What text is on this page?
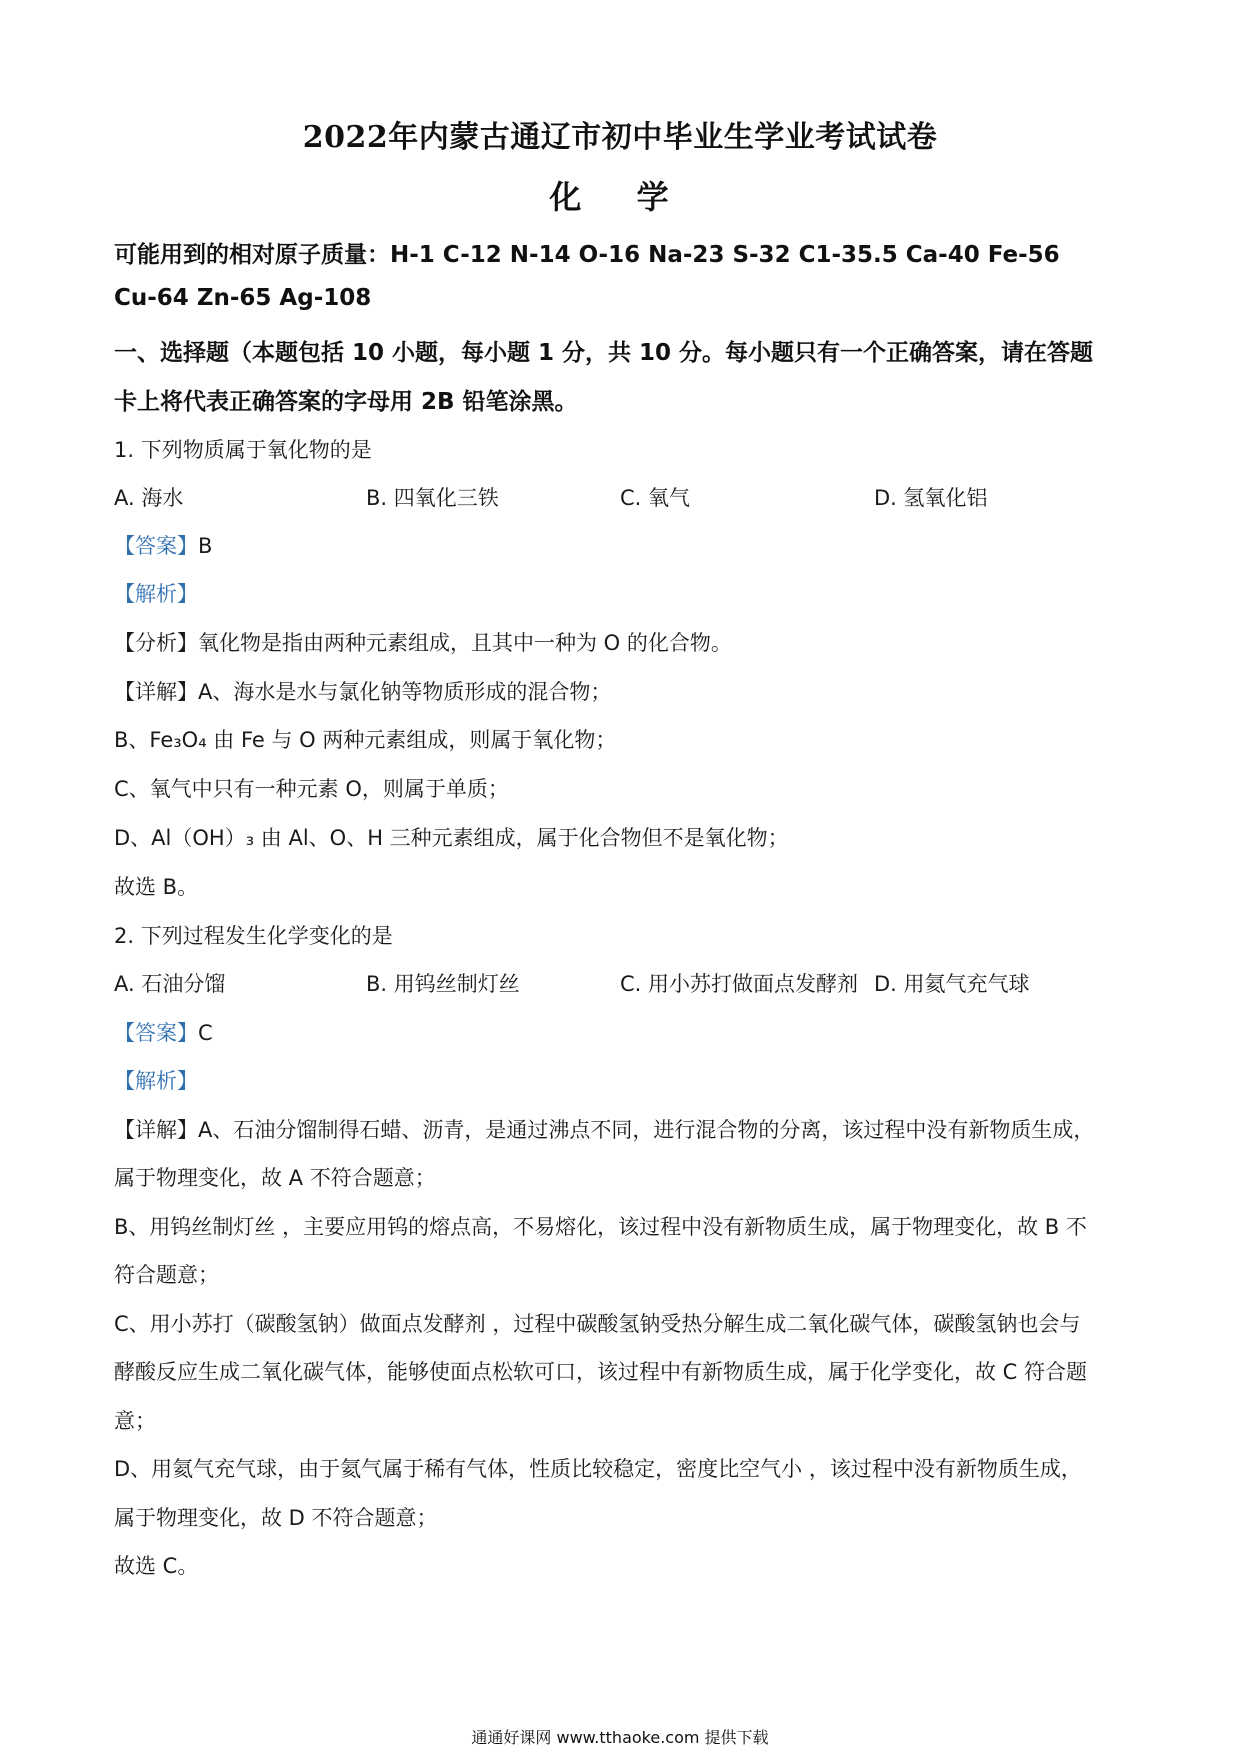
2022年内蒙古通辽市初中毕业生学业考试试卷
化 学
可能用到的相对原子质量：H-1 C-12 N-14 O-16 Na-23 S-32 C1-35.5 Ca-40 Fe-56
Cu-64 Zn-65 Ag-108
一、选择题（本题包括 10 小题，每小题 1 分，共 10 分。每小题只有一个正确答案，请在答题
卡上将代表正确答案的字母用 2B 铅笔涂黑。
1. 下列物质属于氧化物的是
A. 海水	B. 四氧化三铁	C. 氧气	D. 氢氧化铝
【答案】B
【解析】
【分析】氧化物是指由两种元素组成，且其中一种为 O 的化合物。
【详解】A、海水是水与氯化钠等物质形成的混合物；
B、Fe₃O₄ 由 Fe 与 O 两种元素组成，则属于氧化物；
C、氧气中只有一种元素 O，则属于单质；
D、Al（OH）₃ 由 Al、O、H 三种元素组成，属于化合物但不是氧化物；
故选 B。
2. 下列过程发生化学变化的是
A. 石油分馏	B. 用钨丝制灯丝	C. 用小苏打做面点发酵剂 D. 用氦气充气球
【答案】C
【解析】
【详解】A、石油分馏制得石蜡、沥青，是通过沸点不同，进行混合物的分离，该过程中没有新物质生成，
属于物理变化，故 A 不符合题意；
B、用钨丝制灯丝 ，主要应用钨的熔点高，不易熔化，该过程中没有新物质生成，属于物理变化，故 B 不
符合题意；
C、用小苏打（碳酸氢钠）做面点发酵剂 ，过程中碳酸氢钠受热分解生成二氧化碳气体，碳酸氢钠也会与
酵酸反应生成二氧化碳气体，能够使面点松软可口，该过程中有新物质生成，属于化学变化，故 C 符合题
意；
D、用氦气充气球，由于氦气属于稀有气体，性质比较稳定，密度比空气小 ，该过程中没有新物质生成，
属于物理变化，故 D 不符合题意；
故选 C。
通通好课网 www.tthaoke.com 提供下载
